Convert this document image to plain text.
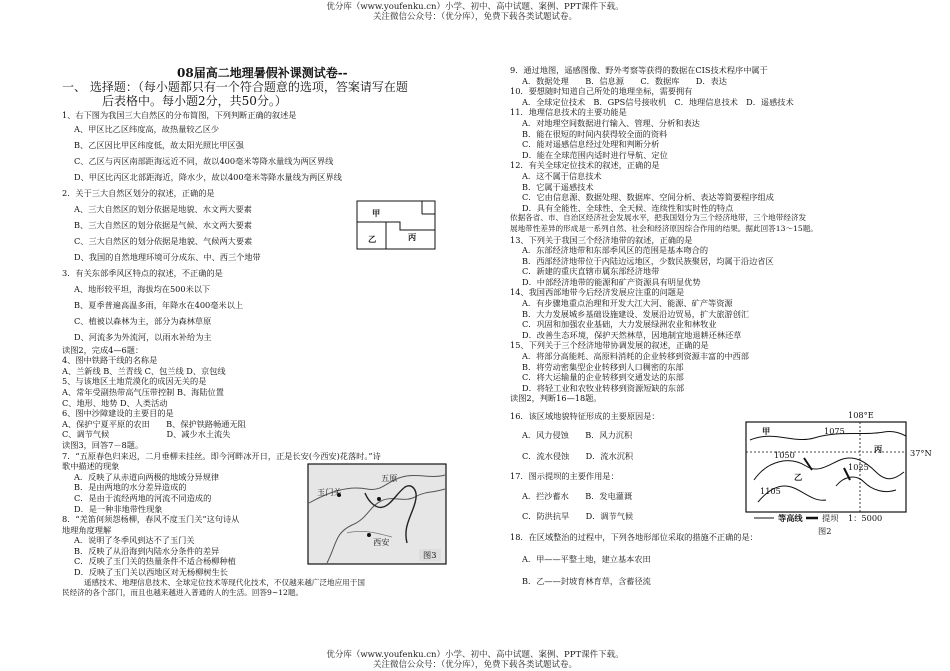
优分库（www.youfenku.cn）小学、初中、高中试题、案例、PPT课件下载。
关注微信公众号：（优分库），免费下载各类试题试卷。
08届高二地理暑假补课测试卷--
一、 选择题：（每小题都只有一个符合题意的选项，答案请写在题
后表格中。每小题2分，共50分。）
1、右下图为我国三大自然区的分布简图，下列判断正确的叙述是
A、甲区比乙区纬度高，故热量较乙区少
B、乙区因比甲区纬度低，故太阳光照比甲区强
C、乙区与丙区南部距海远近不同，故以400毫米等降水量线为两区界线
D、甲区比丙区北部距海近，降水少，故以400毫米等降水量线为两区界线
2．关于三大自然区划分的叙述，正确的是
A、三大自然区的划分依据是地貌、水文两大要素
B、三大自然区的划分依据是气候、水文两大要素
C、三大自然区的划分依据是地貌、气候两大要素
D、我国的自然地理环境可分成东、中、西三个地带
3．有关东部季风区特点的叙述，不正确的是
A、地形较平坦，海拔均在500米以下
B、夏季普遍高温多雨，年降水在400毫米以上
C、植被以森林为主，部分为森林草原
D、河流多为外流河，以雨水补给为主
读图2，完成4—6题：
4、图中铁路干线的名称是
A、兰新线 B、兰青线 C、包兰线 D、京包线
5、与该地区土地荒漠化的成因无关的是
A、常年受副热带高气压带控制 B、海陆位置
C、地形、地势 D、人类活动
6、图中沙障建设的主要目的是
A、保护宁夏平原的农田　　B、保护铁路畅通无阻
C、调节气候　　　　　　　D、减少水土流失
读图3，回答7－8题。
7．“五原春色归来迟，二月垂柳未挂丝。即今河畔冰开日，正是长安(今西安)花落时。”诗
歌中描述的现象
A．反映了从赤道向两极的地域分异规律
B．是由两地的水分差异造成的
C．是由于流经两地的河流不同造成的
D．是一种非地带性现象
8．“羌笛何须怨杨柳，春风不度玉门关”这句诗从
地理角度理解
A．说明了冬季风到达不了玉门关
B．反映了从沿海到内陆水分条件的差异
C．反映了玉门关的热量条件不适合杨柳种植
D．反映了玉门关以西地区对无杨柳树生长
遥感技术、地理信息技术、全球定位技术等现代化技术，不仅越来越广泛地应用于国
民经济的各个部门，而且也越来越进入普通的人的生活。回答9~12题。
甲
乙	丙
五原
玉门关
西安
图3
9．通过地图，遥感图像、野外考察等获得的数据在CIS技术程序中属于
A．数据处理　　B．信息源　　C．数据库　　D．表达
10．要想随时知道自己所处的地理坐标，需要拥有
A．全球定位技术　B．GPS信号接收机　C．地理信息技术　D．遥感技术
11．地理信息技术的主要功能是
A．对地理空间数据进行输入、管理、分析和表达
B．能在很短的时间内获得较全面的资料
C．能对遥感信息经过处理和判断分析
D．能在全球范围内适时进行导航、定位
12．有关全球定位技术的叙述，正确的是
A．这不属于信息技术
B．它属于遥感技术
C．它由信息源、数据处理、数据库、空间分析、表达等简要程序组成
D．具有全能性、全球性、全天候、连续性和实时性的特点
依据各省、市、自治区经济社会发展水平，把我国划分为三个经济地带，三个地带经济发
展地带性差异的形成是一系列自然、社会和经济原因综合作用的结果。据此回答13～15题。
13、下列关于我国三个经济地带的叙述，正确的是
A．东部经济地带和东部季风区的范围是基本吻合的
B．西部经济地带位于内陆边远地区，少数民族聚居，均属于沿边省区
C．新建的重庆直辖市属东部经济地带
D．中部经济地带的能源和矿产资源具有明显优势
14、我国西部地带今后经济发展应注重的问题是
A．有步骤地重点治理和开发大江大河、能源、矿产等资源
B．大力发展城乡基础设施建设、发展沿边贸易，扩大旅游创汇
C．巩固和加强农业基础，大力发展绿洲农业和林牧业
D．改善生态环境，保护天然林草，因地制宜地退耕还林还草
15、下列关于三个经济地带协调发展的叙述，正确的是
A．将部分高能耗、高原料消耗的企业转移到资源丰富的中西部
B．将劳动密集型企业转移到人口稠密的东部
C．将大运输量的企业转移到交通发达的东部
D．将轻工业和农牧业转移到资源短缺的东部
读图2，判断16—18题。
16．该区域地貌特征形成的主要原因是：
A．风力侵蚀　　B．风力沉积
C．流水侵蚀　　D．流水沉积
17．图示提坝的主要作用是：
A．拦沙蓄水　　B．发电灌溉
C．防洪抗旱　　D．调节气候
18．在区域整治的过程中，下列各地形部位采取的措施不正确的是：
A．甲——平整土地，建立基本农田
B．乙——封坡育林育草，含蓄径流
108°E
37°N
1075
1050
1025
1105
甲
乙
丙
等高线 提坝 1：5000
图2
优分库（www.youfenku.cn）小学、初中、高中试题、案例、PPT课件下载。
关注微信公众号：（优分库），免费下载各类试题试卷。
